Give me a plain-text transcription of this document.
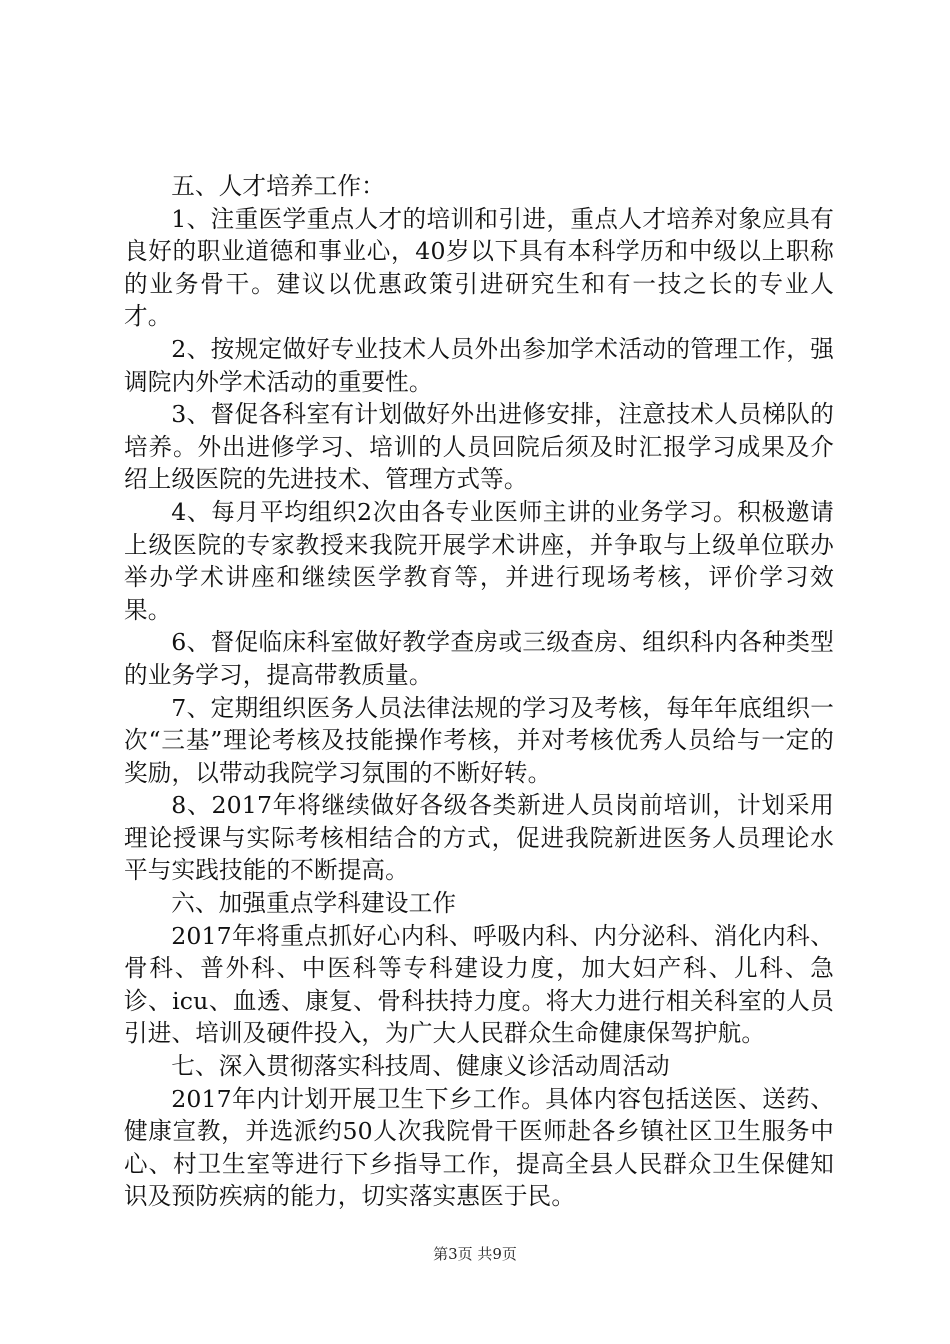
五、人才培养工作：

1、注重医学重点人才的培训和引进，重点人才培养对象应具有良好的职业道德和事业心，40岁以下具有本科学历和中级以上职称的业务骨干。建议以优惠政策引进研究生和有一技之长的专业人才。

2、按规定做好专业技术人员外出参加学术活动的管理工作，强调院内外学术活动的重要性。

3、督促各科室有计划做好外出进修安排，注意技术人员梯队的培养。外出进修学习、培训的人员回院后须及时汇报学习成果及介绍上级医院的先进技术、管理方式等。

4、每月平均组织2次由各专业医师主讲的业务学习。积极邀请上级医院的专家教授来我院开展学术讲座，并争取与上级单位联办举办学术讲座和继续医学教育等，并进行现场考核，评价学习效果。

6、督促临床科室做好教学查房或三级查房、组织科内各种类型的业务学习，提高带教质量。

7、定期组织医务人员法律法规的学习及考核，每年年底组织一次“三基”理论考核及技能操作考核，并对考核优秀人员给与一定的奖励，以带动我院学习氛围的不断好转。

8、2017年将继续做好各级各类新进人员岗前培训，计划采用理论授课与实际考核相结合的方式，促进我院新进医务人员理论水平与实践技能的不断提高。

六、加强重点学科建设工作

2017年将重点抓好心内科、呼吸内科、内分泌科、消化内科、骨科、普外科、中医科等专科建设力度，加大妇产科、儿科、急诊、icu、血透、康复、骨科扶持力度。将大力进行相关科室的人员引进、培训及硬件投入，为广大人民群众生命健康保驾护航。

七、深入贯彻落实科技周、健康义诊活动周活动

2017年内计划开展卫生下乡工作。具体内容包括送医、送药、健康宣教，并选派约50人次我院骨干医师赴各乡镇社区卫生服务中心、村卫生室等进行下乡指导工作，提高全县人民群众卫生保健知识及预防疾病的能力，切实落实惠医于民。

第3页 共9页
